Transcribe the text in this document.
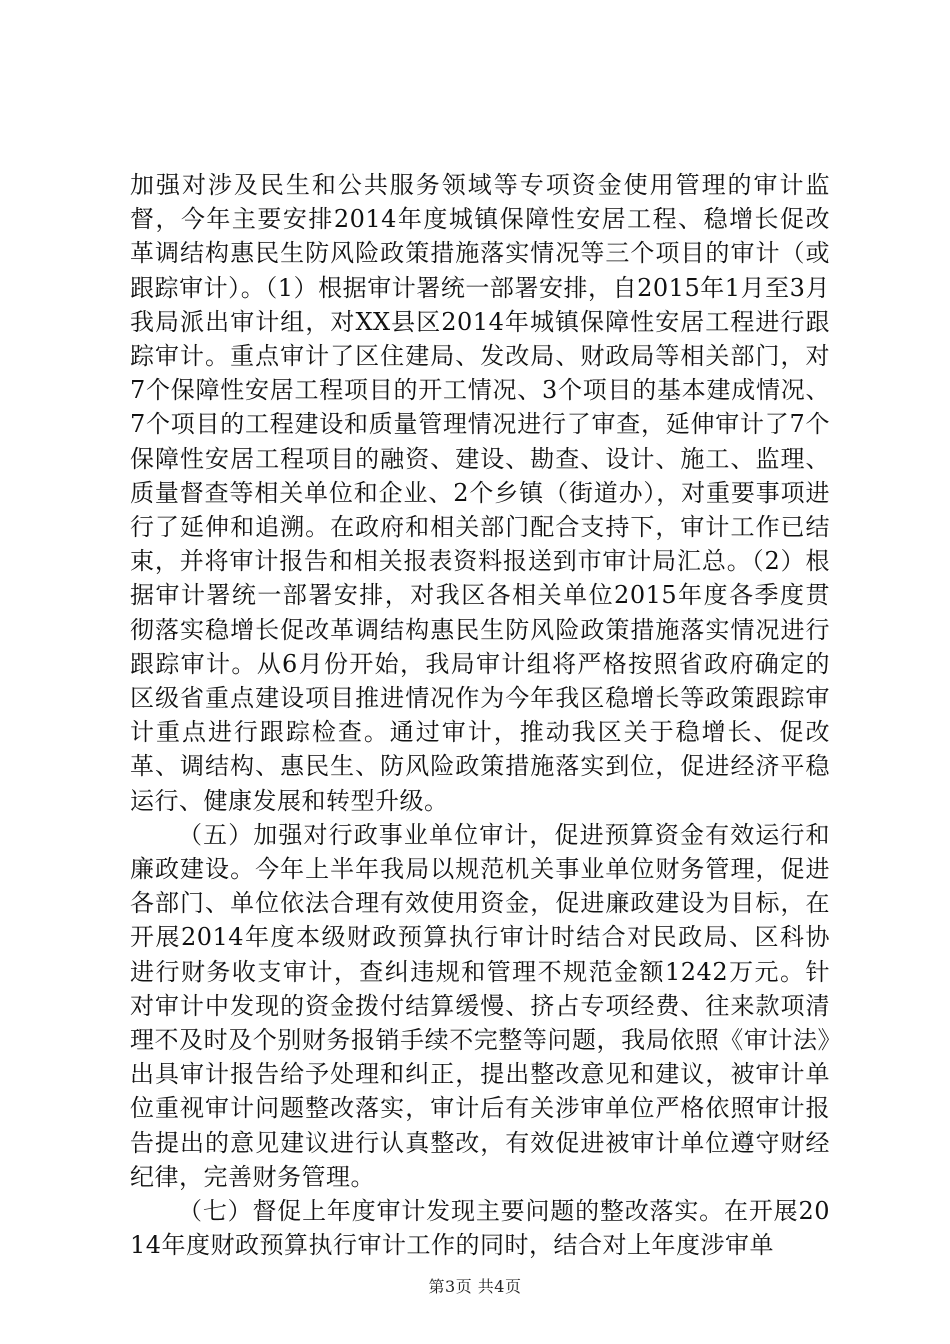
加强对涉及民生和公共服务领域等专项资金使用管理的审计监督，今年主要安排2014年度城镇保障性安居工程、稳增长促改革调结构惠民生防风险政策措施落实情况等三个项目的审计（或跟踪审计）。（1）根据审计署统一部署安排，自2015年1月至3月我局派出审计组，对XX县区2014年城镇保障性安居工程进行跟踪审计。重点审计了区住建局、发改局、财政局等相关部门，对7个保障性安居工程项目的开工情况、3个项目的基本建成情况、7个项目的工程建设和质量管理情况进行了审查，延伸审计了7个保障性安居工程项目的融资、建设、勘查、设计、施工、监理、质量督查等相关单位和企业、2个乡镇（街道办），对重要事项进行了延伸和追溯。在政府和相关部门配合支持下，审计工作已结束，并将审计报告和相关报表资料报送到市审计局汇总。（2）根据审计署统一部署安排，对我区各相关单位2015年度各季度贯彻落实稳增长促改革调结构惠民生防风险政策措施落实情况进行跟踪审计。从6月份开始，我局审计组将严格按照省政府确定的区级省重点建设项目推进情况作为今年我区稳增长等政策跟踪审计重点进行跟踪检查。通过审计，推动我区关于稳增长、促改革、调结构、惠民生、防风险政策措施落实到位，促进经济平稳运行、健康发展和转型升级。

（五）加强对行政事业单位审计，促进预算资金有效运行和廉政建设。今年上半年我局以规范机关事业单位财务管理，促进各部门、单位依法合理有效使用资金，促进廉政建设为目标，在开展2014年度本级财政预算执行审计时结合对民政局、区科协进行财务收支审计，查纠违规和管理不规范金额1242万元。针对审计中发现的资金拨付结算缓慢、挤占专项经费、往来款项清理不及时及个别财务报销手续不完整等问题，我局依照《审计法》出具审计报告给予处理和纠正，提出整改意见和建议，被审计单位重视审计问题整改落实，审计后有关涉审单位严格依照审计报告提出的意见建议进行认真整改，有效促进被审计单位遵守财经纪律，完善财务管理。

（七）督促上年度审计发现主要问题的整改落实。在开展2014年度财政预算执行审计工作的同时，结合对上年度涉审单

第3页 共4页
